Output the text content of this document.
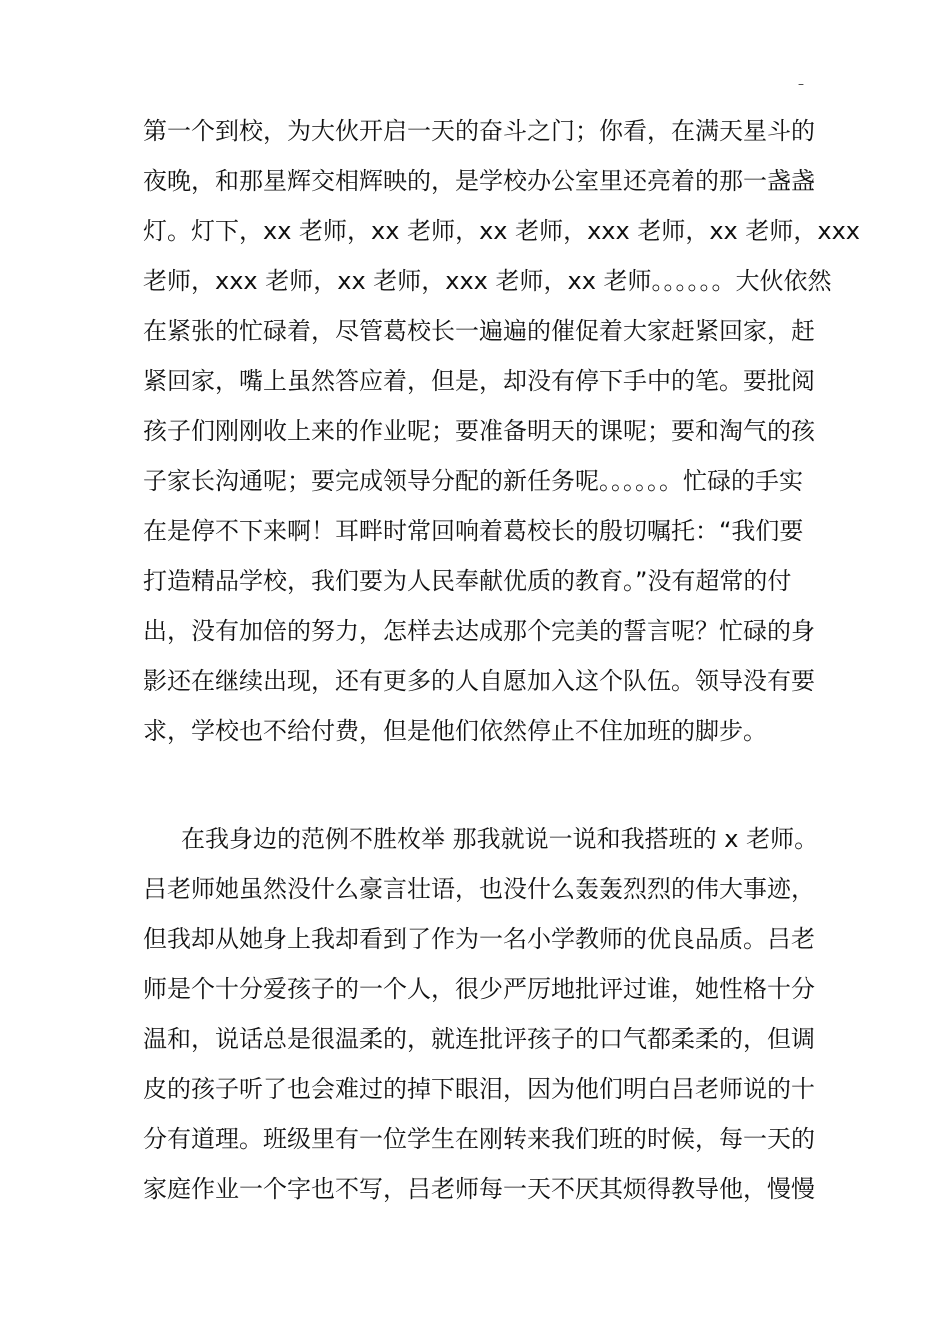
–
第一个到校，为大伙开启一天的奋斗之门；你看，在满天星斗的
夜晚，和那星辉交相辉映的，是学校办公室里还亮着的那一盏盏
灯。灯下，xx 老师，xx 老师，xx 老师，xxx 老师，xx 老师，xxx
老师，xxx 老师，xx 老师，xxx 老师，xx 老师。。。。。。大伙依然
在紧张的忙碌着，尽管葛校长一遍遍的催促着大家赶紧回家，赶
紧回家，嘴上虽然答应着，但是，却没有停下手中的笔。要批阅
孩子们刚刚收上来的作业呢；要准备明天的课呢；要和淘气的孩
子家长沟通呢；要完成领导分配的新任务呢。。。。。。忙碌的手实
在是停不下来啊！耳畔时常回响着葛校长的殷切嘱托：“我们要
打造精品学校，我们要为人民奉献优质的教育。”没有超常的付
出，没有加倍的努力，怎样去达成那个完美的誓言呢？忙碌的身
影还在继续出现，还有更多的人自愿加入这个队伍。领导没有要
求，学校也不给付费，但是他们依然停止不住加班的脚步。
在我身边的范例不胜枚举 那我就说一说和我搭班的 x 老师。
吕老师她虽然没什么豪言壮语，也没什么轰轰烈烈的伟大事迹，
但我却从她身上我却看到了作为一名小学教师的优良品质。吕老
师是个十分爱孩子的一个人，很少严厉地批评过谁，她性格十分
温和，说话总是很温柔的，就连批评孩子的口气都柔柔的，但调
皮的孩子听了也会难过的掉下眼泪，因为他们明白吕老师说的十
分有道理。班级里有一位学生在刚转来我们班的时候，每一天的
家庭作业一个字也不写，吕老师每一天不厌其烦得教导他，慢慢
